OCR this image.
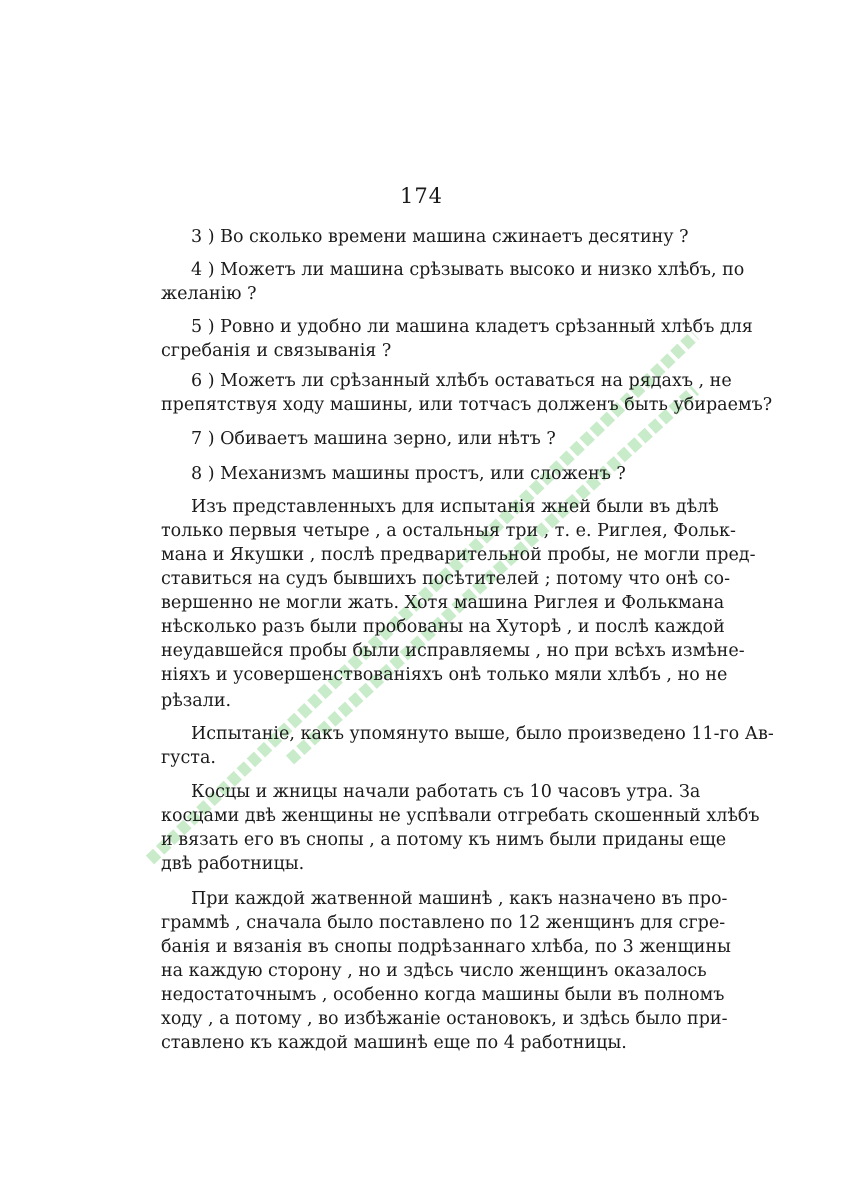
174
3 ) Во сколько времени машина сжинаетъ десятину ?
4 ) Можетъ ли машина срѣзывать высоко и низко хлѣбъ, по
желанію ?
5 ) Ровно и удобно ли машина кладетъ срѣзанный хлѣбъ для
сгребанія и связыванія ?
6 ) Можетъ ли срѣзанный хлѣбъ оставаться на рядахъ , не
препятствуя ходу машины, или тотчасъ долженъ быть убираемъ?
7 ) Обиваетъ машина зерно, или нѣтъ ?
8 ) Механизмъ машины простъ, или сложенъ ?
Изъ представленныхъ для испытанія жней были въ дѣлѣ
только первыя четыре , а остальныя три , т. е. Риглея, Фольк-
мана и Якушки , послѣ предварительной пробы, не могли пред-
ставиться на судъ бывшихъ посѣтителей ; потому что онѣ со-
вершенно не могли жать. Хотя машина Риглея и Фолькмана
нѣсколько разъ были пробованы на Хуторѣ , и послѣ каждой
неудавшейся пробы были исправляемы , но при всѣхъ измѣне-
ніяхъ и усовершенствованіяхъ онѣ только мяли хлѣбъ , но не
рѣзали.
Испытаніе, какъ упомянуто выше, было произведено 11-го Ав-
густа.
Косцы и жницы начали работать съ 10 часовъ утра. За
косцами двѣ женщины не успѣвали отгребать скошенный хлѣбъ
и вязать его въ снопы , а потому къ нимъ были приданы еще
двѣ работницы.
При каждой жатвенной машинѣ , какъ назначено въ про-
граммѣ , сначала было поставлено по 12 женщинъ для сгре-
банія и вязанія въ снопы подрѣзаннаго хлѣба, по 3 женщины
на каждую сторону , но и здѣсь число женщинъ оказалось
недостаточнымъ , особенно когда машины были въ полномъ
ходу , а потому , во избѣжаніе остановокъ, и здѣсь было при-
ставлено къ каждой машинѣ еще по 4 работницы.
